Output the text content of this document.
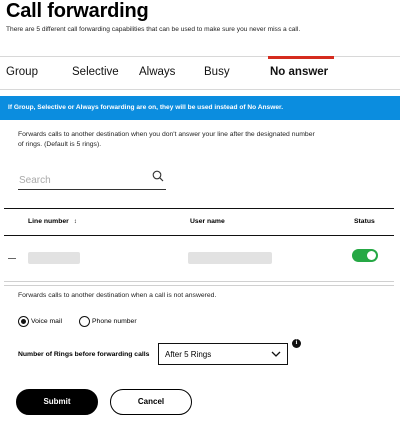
Call forwarding
There are 5 different call forwarding capabilities that can be used to make sure you never miss a call.
Group	Selective Always Busy	No answer
If Group, Selective or Always forwarding are on, they will be used instead of No Answer.
Forwards calls to another destination when you don't answer your line after the designated number of rings. (Default is 5 rings).
Search
Line number ↕	User name	Status
Forwards calls to another destination when a call is not answered.
Voice mail	Phone number
Number of Rings before forwarding calls After 5 Rings
i
Submit	Cancel
